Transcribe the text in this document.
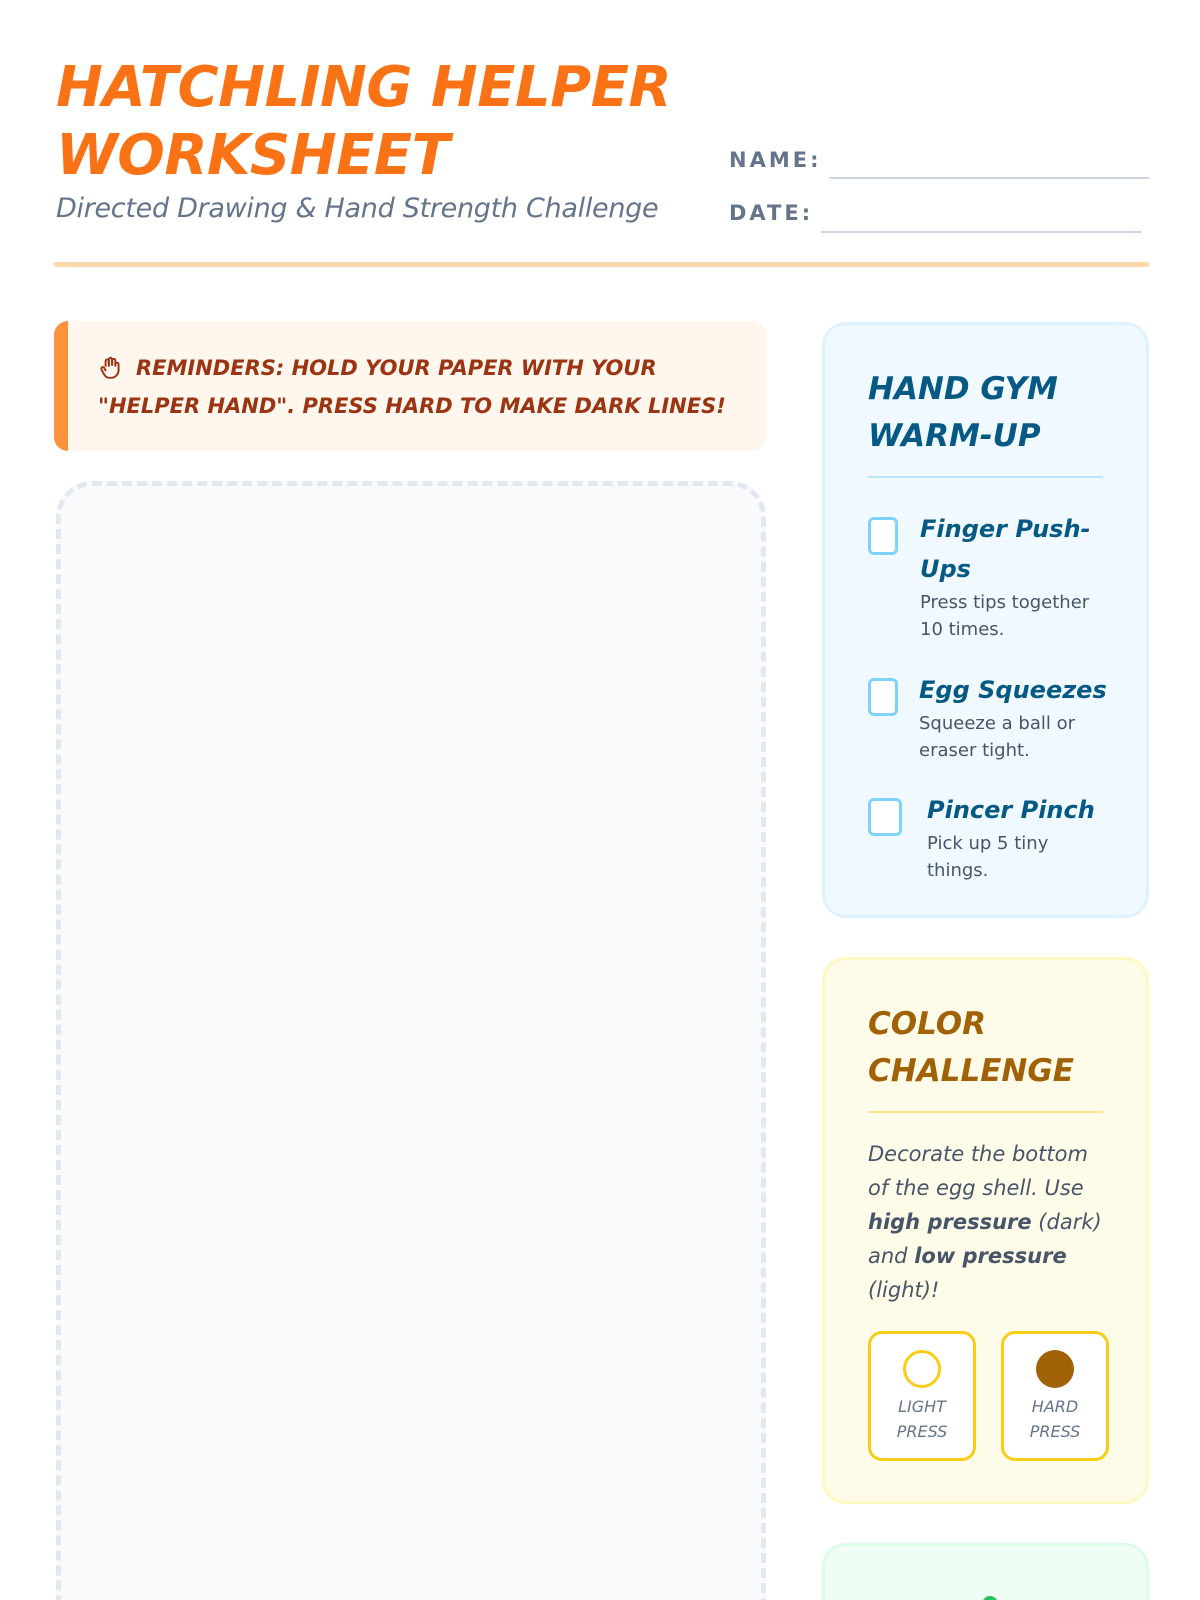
HATCHLING HELPER
WORKSHEET
Directed Drawing & Hand Strength Challenge
NAME:
DATE:
REMINDERS: HOLD YOUR PAPER WITH YOUR
"HELPER HAND". PRESS HARD TO MAKE DARK LINES!	HAND GYM
WARM-UP
Finger Push-
Ups
Press tips together
10 times.
Egg Squeezes
Squeeze a ball or
eraser tight.
Pincer Pinch
Pick up 5 tiny
things.
COLOR
CHALLENGE
Decorate the bottom
of the egg shell. Use
high pressure (dark)
and low pressure
(light)!
LIGHT
PRESS
HARD
PRESS
